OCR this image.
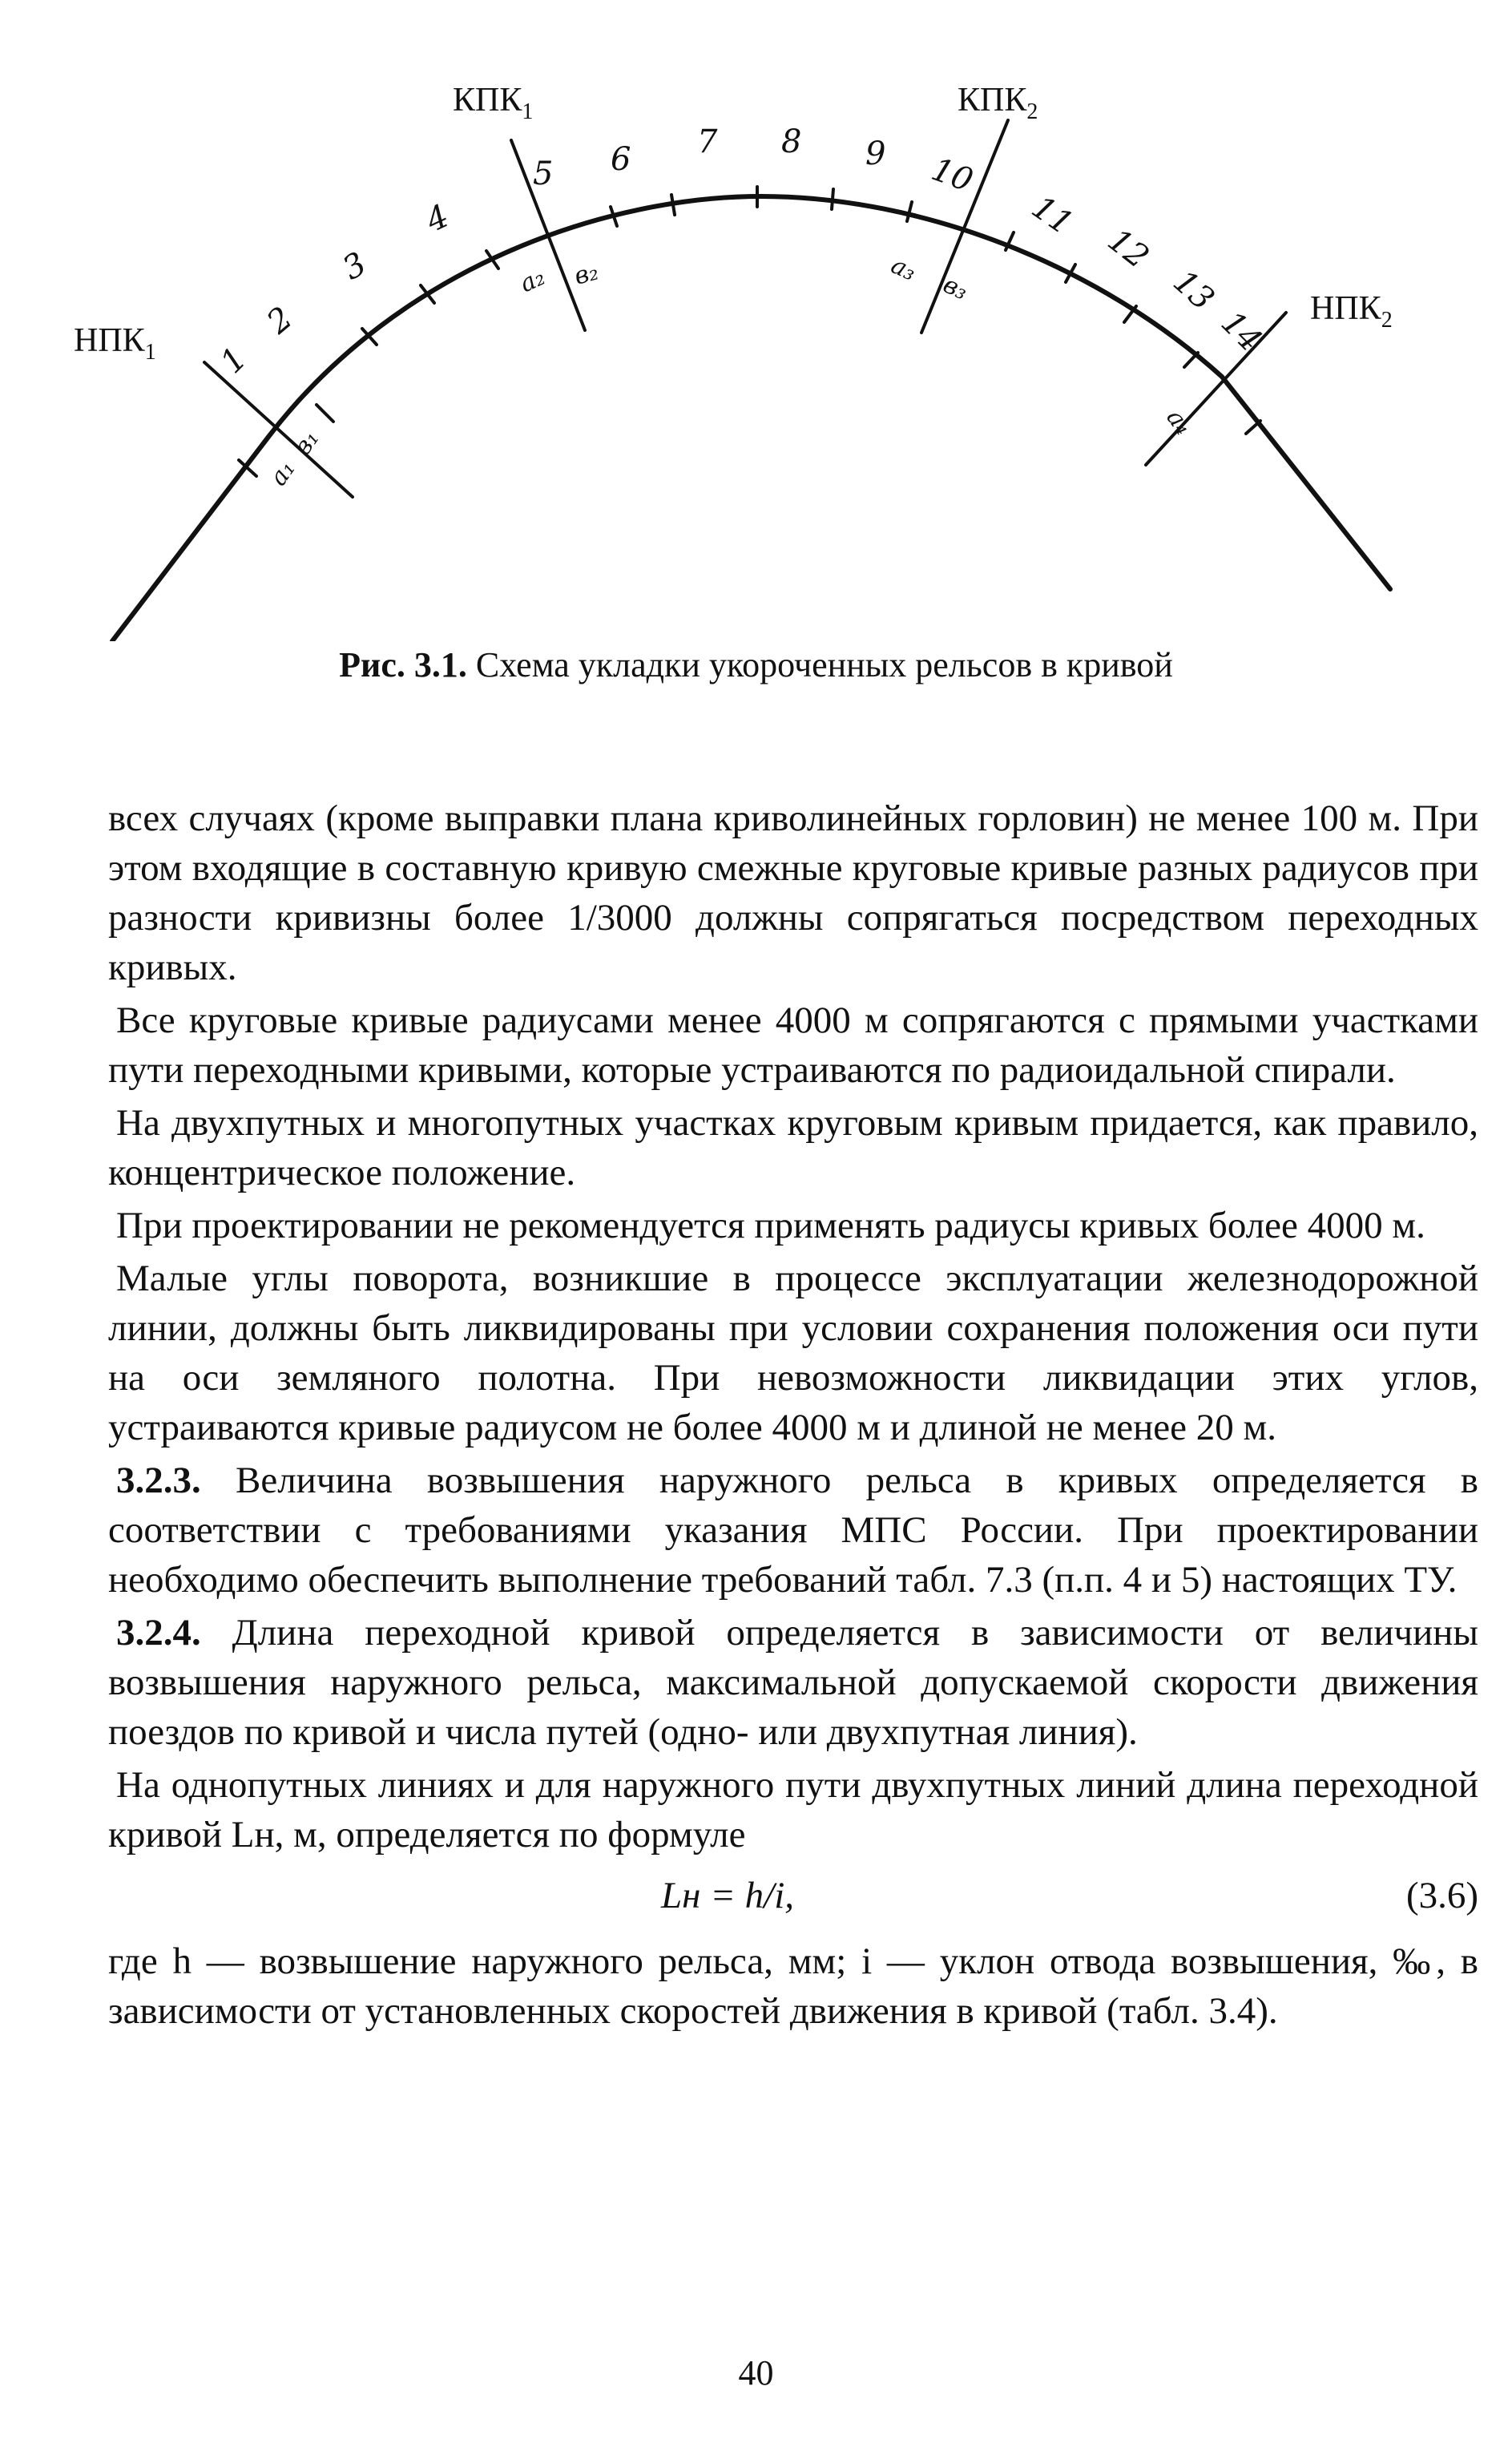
$НПК_1$
$КПК_1$	$КПК_2$
$НПК_2$
1
2
3
4
5 6 7 8 9 10
11
12
13
14
a₁
в₁
a₂ в₂	a₃
в₃
a₄

Рис. 3.1. Схема укладки укороченных рельсов в кривой

всех случаях (кроме выправки плана криволинейных горловин) не менее 100 м. При этом входящие в составную кривую смежные круговые кривые разных радиусов при разности кривизны более 1/3000 должны сопрягаться посредством переходных кривых.

Все круговые кривые радиусами менее 4000 м сопрягаются с прямыми участками пути переходными кривыми, которые устраиваются по радиоидальной спирали.

На двухпутных и многопутных участках круговым кривым придается, как правило, концентрическое положение.

При проектировании не рекомендуется применять радиусы кривых более 4000 м.

Малые углы поворота, возникшие в процессе эксплуатации железнодорожной линии, должны быть ликвидированы при условии сохранения положения оси пути на оси земляного полотна. При невозможности ликвидации этих углов, устраиваются кривые радиусом не более 4000 м и длиной не менее 20 м.

3.2.3. Величина возвышения наружного рельса в кривых определяется в соответствии с требованиями указания МПС России. При проектировании необходимо обеспечить выполнение требований табл. 7.3 (п.п. 4 и 5) настоящих ТУ.

3.2.4. Длина переходной кривой определяется в зависимости от величины возвышения наружного рельса, максимальной допускаемой скорости движения поездов по кривой и числа путей (одно- или двухпутная линия).

На однопутных линиях и для наружного пути двухпутных линий длина переходной кривой Lн, м, определяется по формуле

Lн = h/i,	(3.6)

где h — возвышение наружного рельса, мм; i — уклон отвода возвышения, ‰, в зависимости от установленных скоростей движения в кривой (табл. 3.4).

40
